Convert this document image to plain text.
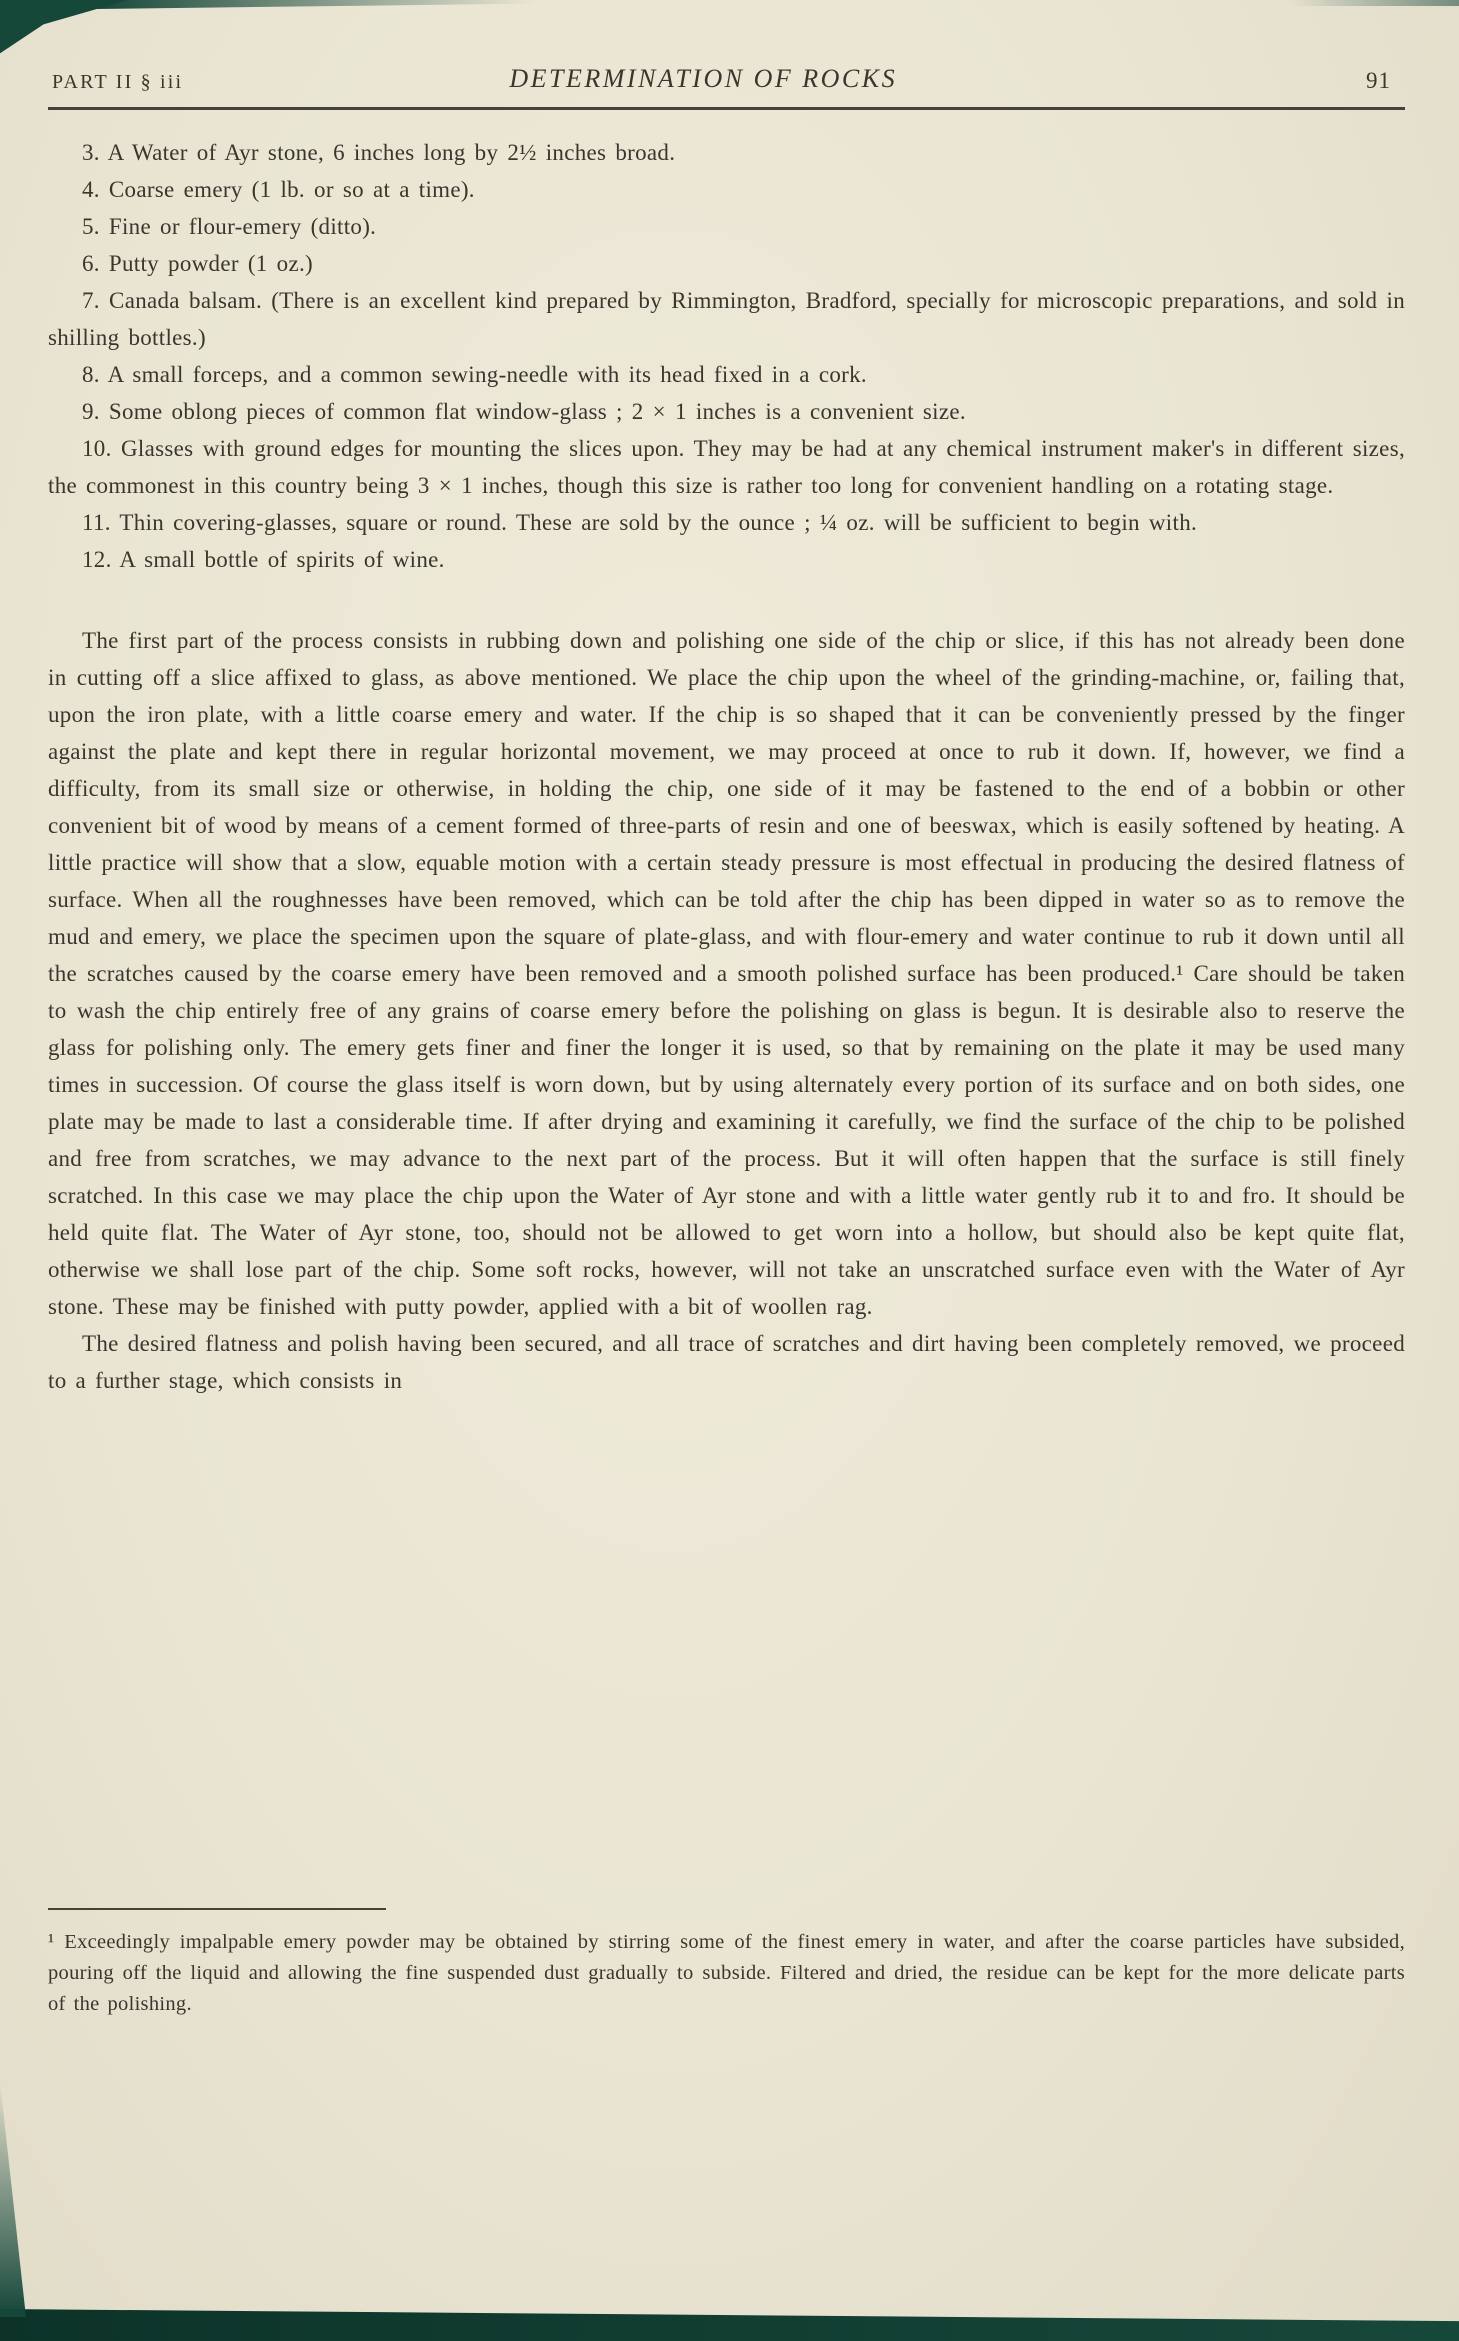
PART II § iii	DETERMINATION OF ROCKS	91

3. A Water of Ayr stone, 6 inches long by 2½ inches broad.

4. Coarse emery (1 lb. or so at a time).

5. Fine or flour-emery (ditto).

6. Putty powder (1 oz.)

7. Canada balsam. (There is an excellent kind prepared by Rimmington, Bradford, specially for microscopic preparations, and sold in shilling bottles.)

8. A small forceps, and a common sewing-needle with its head fixed in a cork.

9. Some oblong pieces of common flat window-glass ; 2 × 1 inches is a convenient size.

10. Glasses with ground edges for mounting the slices upon. They may be had at any chemical instrument maker's in different sizes, the commonest in this country being 3 × 1 inches, though this size is rather too long for convenient handling on a rotating stage.

11. Thin covering-glasses, square or round. These are sold by the ounce ; ¼ oz. will be sufficient to begin with.

12. A small bottle of spirits of wine.

The first part of the process consists in rubbing down and polishing one side of the chip or slice, if this has not already been done in cutting off a slice affixed to glass, as above mentioned. We place the chip upon the wheel of the grinding-machine, or, failing that, upon the iron plate, with a little coarse emery and water. If the chip is so shaped that it can be conveniently pressed by the finger against the plate and kept there in regular horizontal movement, we may proceed at once to rub it down. If, however, we find a difficulty, from its small size or otherwise, in holding the chip, one side of it may be fastened to the end of a bobbin or other convenient bit of wood by means of a cement formed of three-parts of resin and one of beeswax, which is easily softened by heating. A little practice will show that a slow, equable motion with a certain steady pressure is most effectual in producing the desired flatness of surface. When all the roughnesses have been removed, which can be told after the chip has been dipped in water so as to remove the mud and emery, we place the specimen upon the square of plate-glass, and with flour-emery and water continue to rub it down until all the scratches caused by the coarse emery have been removed and a smooth polished surface has been produced.¹ Care should be taken to wash the chip entirely free of any grains of coarse emery before the polishing on glass is begun. It is desirable also to reserve the glass for polishing only. The emery gets finer and finer the longer it is used, so that by remaining on the plate it may be used many times in succession. Of course the glass itself is worn down, but by using alternately every portion of its surface and on both sides, one plate may be made to last a considerable time. If after drying and examining it carefully, we find the surface of the chip to be polished and free from scratches, we may advance to the next part of the process. But it will often happen that the surface is still finely scratched. In this case we may place the chip upon the Water of Ayr stone and with a little water gently rub it to and fro. It should be held quite flat. The Water of Ayr stone, too, should not be allowed to get worn into a hollow, but should also be kept quite flat, otherwise we shall lose part of the chip. Some soft rocks, however, will not take an unscratched surface even with the Water of Ayr stone. These may be finished with putty powder, applied with a bit of woollen rag.

The desired flatness and polish having been secured, and all trace of scratches and dirt having been completely removed, we proceed to a further stage, which consists in

¹ Exceedingly impalpable emery powder may be obtained by stirring some of the finest emery in water, and after the coarse particles have subsided, pouring off the liquid and allowing the fine suspended dust gradually to subside. Filtered and dried, the residue can be kept for the more delicate parts of the polishing.
